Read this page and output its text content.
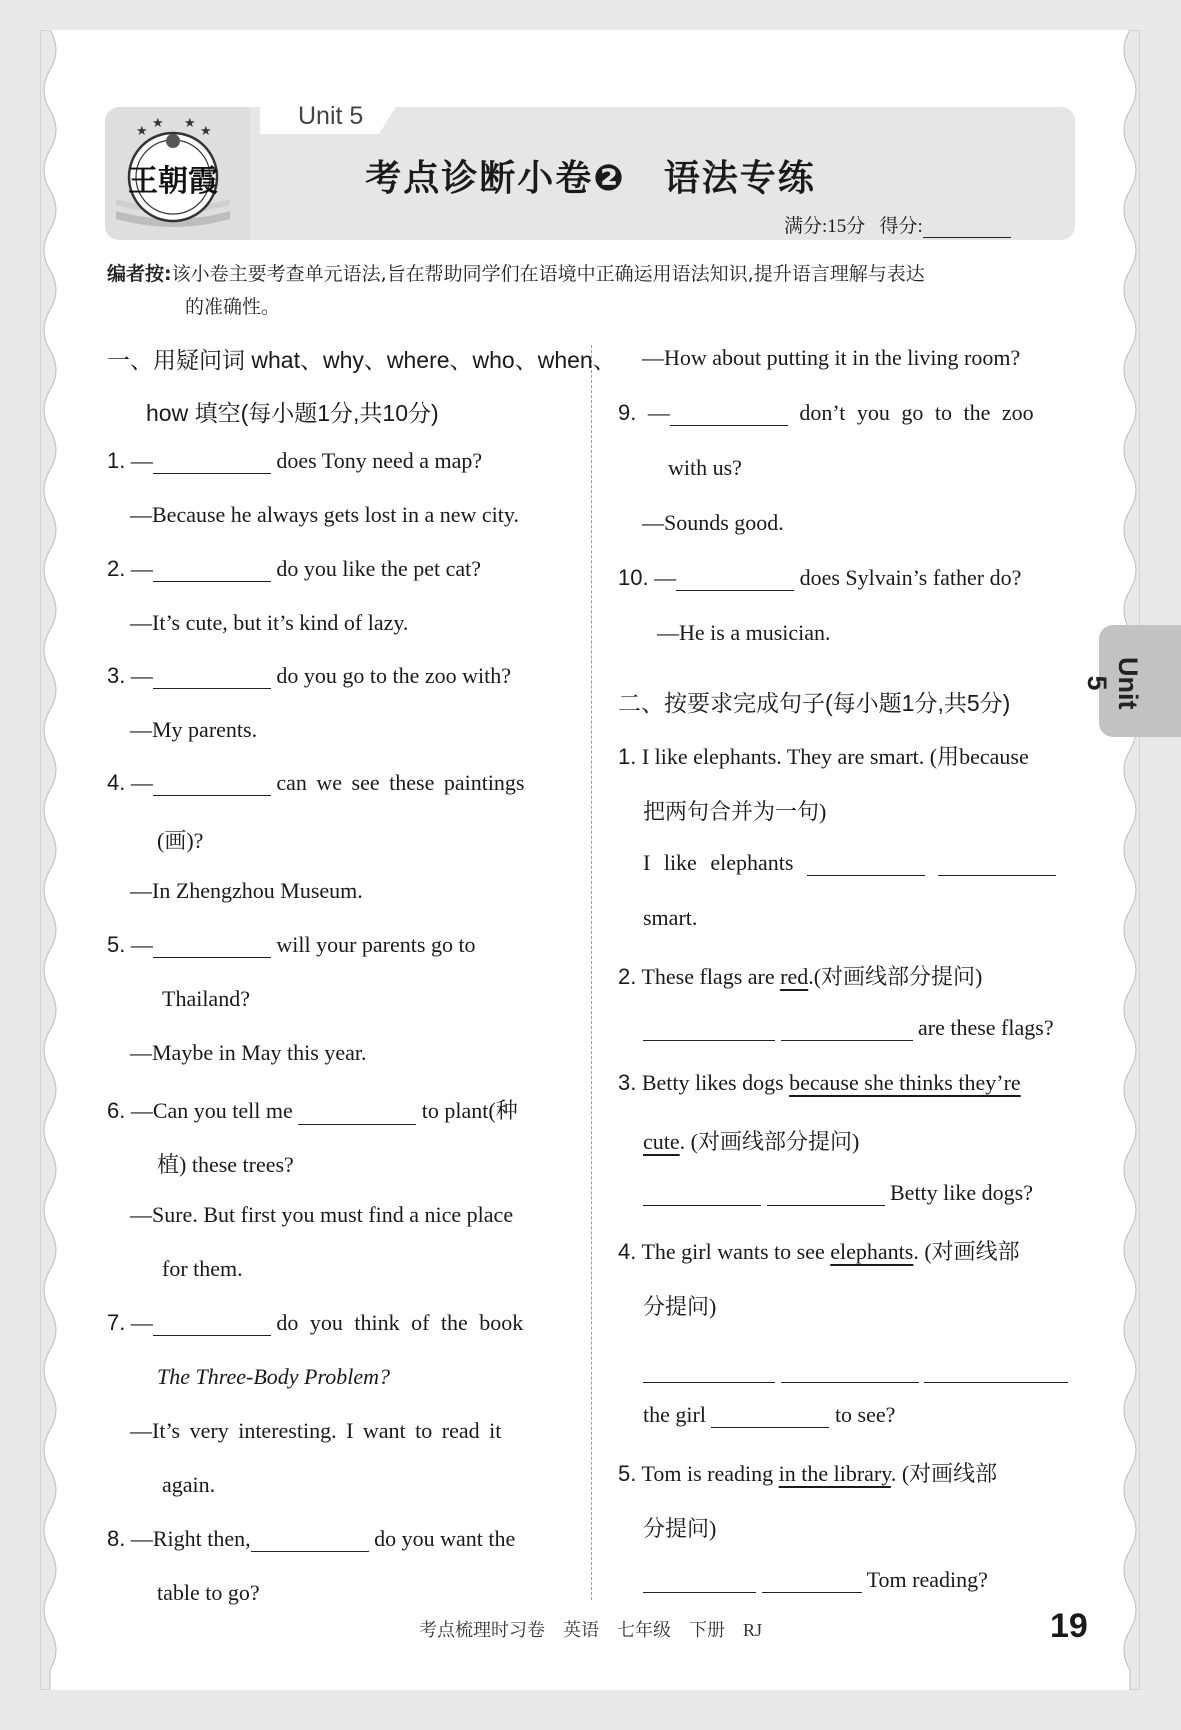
Unit 5
★
★ ★
★
王朝霞	考点诊断小卷❷　语法专练
满分:15分 得分:
编者按:该小卷主要考查单元语法,旨在帮助同学们在语境中正确运用语法知识,提升语言理解与表达
的准确性。
一、用疑问词 what、why、where、who、when、
how 填空(每小题1分,共10分)
1. —	does Tony need a map?
—Because he always gets lost in a new city.
2. —	do you like the pet cat?
—It’s cute, but it’s kind of lazy.
3. —	do you go to the zoo with?
—My parents.
4. —	can we see these paintings
(画)?
—In Zhengzhou Museum.
5. —	will your parents go to
Thailand?
—Maybe in May this year.
6. —Can you tell me	to plant(种
植) these trees?
—Sure. But first you must find a nice place
for them.
7. —	do you think of the book
The Three-Body Problem?
—It’s very interesting. I want to read it
again.
8. —Right then,	do you want the
table to go?
—How about putting it in the living room?
9. —	don’t you go to the zoo
with us?
—Sounds good.
10. —	does Sylvain’s father do?
—He is a musician.
二、按要求完成句子(每小题1分,共5分)
1. I like elephants. They are smart. (用because
把两句合并为一句)
I like elephants
smart.
2. These flags are red.(对画线部分提问)
are these flags?
3. Betty likes dogs because she thinks they’re
cute. (对画线部分提问)
Betty like dogs?
4. The girl wants to see elephants. (对画线部
分提问)

the girl	to see?
5. Tom is reading in the library. (对画线部
分提问)
Tom reading?
Unit 5
考点梳理时习卷　英语　七年级　下册　RJ	19
